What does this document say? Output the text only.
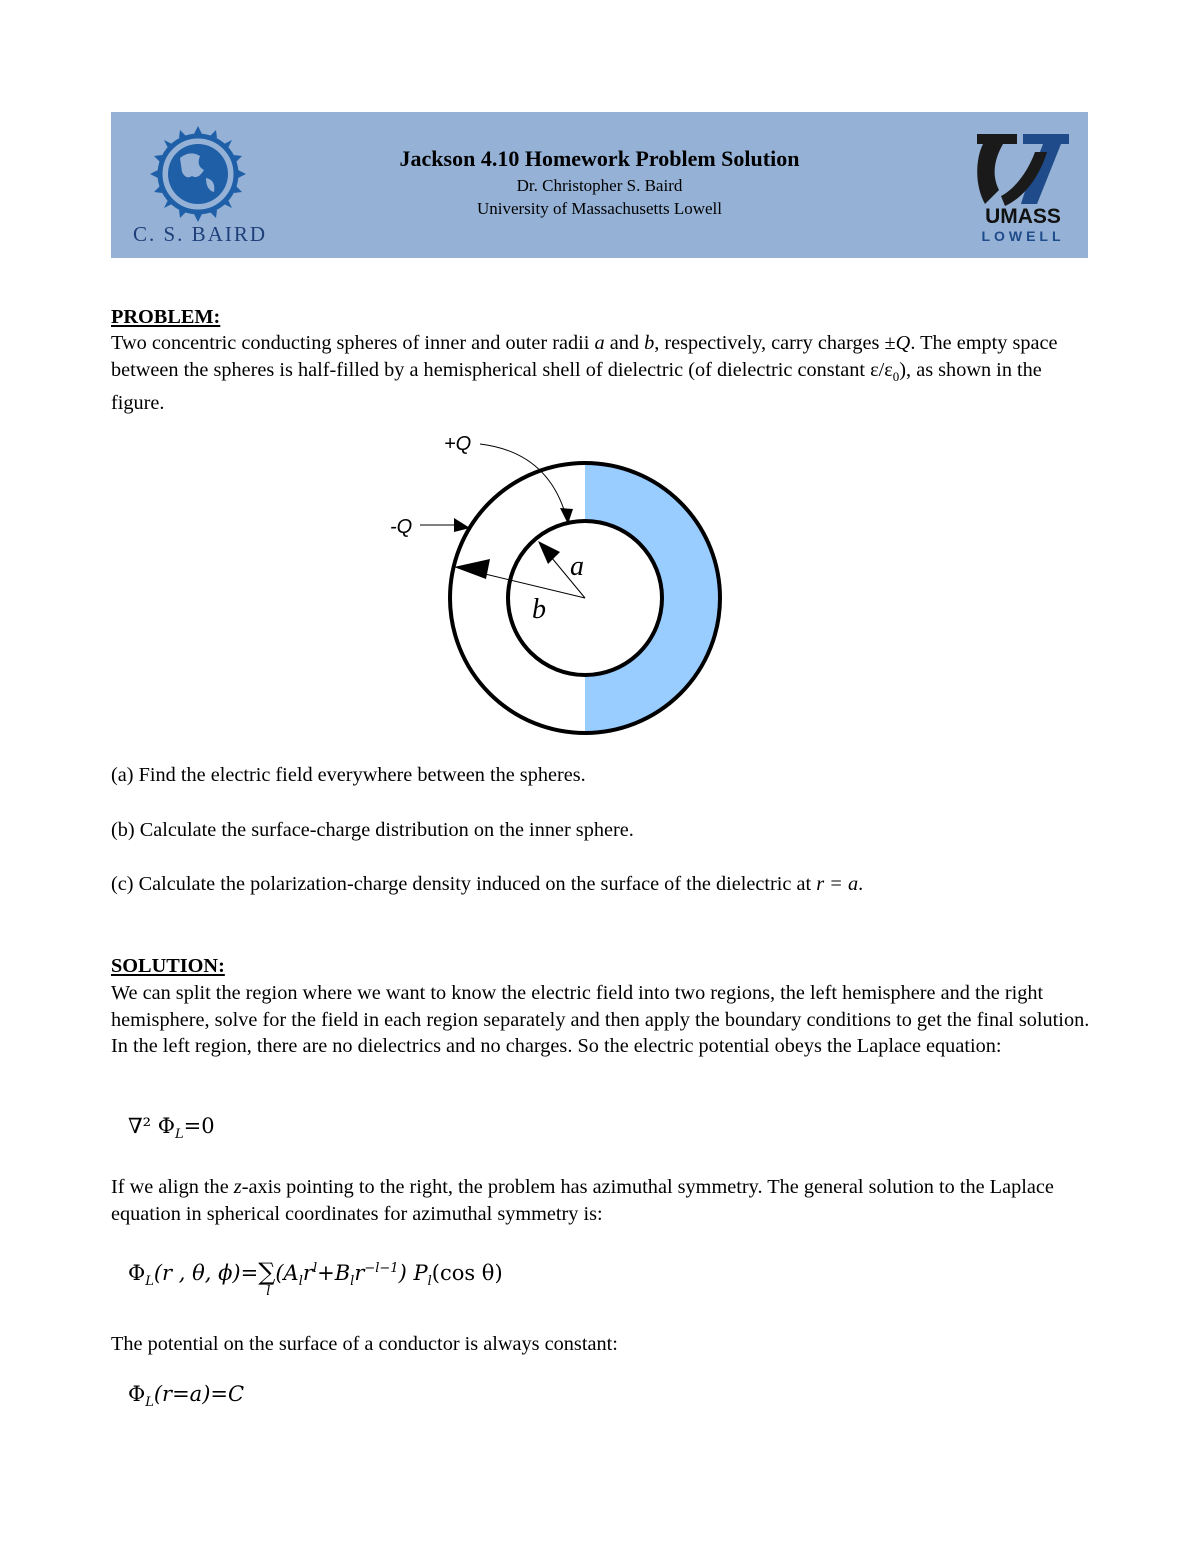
C. S. BAIRD
Jackson 4.10 Homework Problem Solution
Dr. Christopher S. Baird
University of Massachusetts Lowell	UMASS
LOWELL
PROBLEM:
Two concentric conducting spheres of inner and outer radii a and b, respectively, carry charges ±Q. The empty space between the spheres is half-filled by a hemispherical shell of dielectric (of dielectric constant $\varepsilon/\varepsilon_0$), as shown in the figure.
+Q
-Q
a
b
(a) Find the electric field everywhere between the spheres.
(b) Calculate the surface-charge distribution on the inner sphere.
(c) Calculate the polarization-charge density induced on the surface of the dielectric at r = a.
SOLUTION:
We can split the region where we want to know the electric field into two regions, the left hemisphere and the right hemisphere, solve for the field in each region separately and then apply the boundary conditions to get the final solution. In the left region, there are no dielectrics and no charges. So the electric potential obeys the Laplace equation:
∇² $\Phi_L=0$
If we align the z-axis pointing to the right, the problem has azimuthal symmetry. The general solution to the Laplace equation in spherical coordinates for azimuthal symmetry is:
$\Phi_L(r$ , θ, ϕ)=∑
l
$(A_lr^l+B_lr^{-l-1})$ $P_l(\cos$ θ)
The potential on the surface of a conductor is always constant:
$\Phi_L(r=a)=C$
